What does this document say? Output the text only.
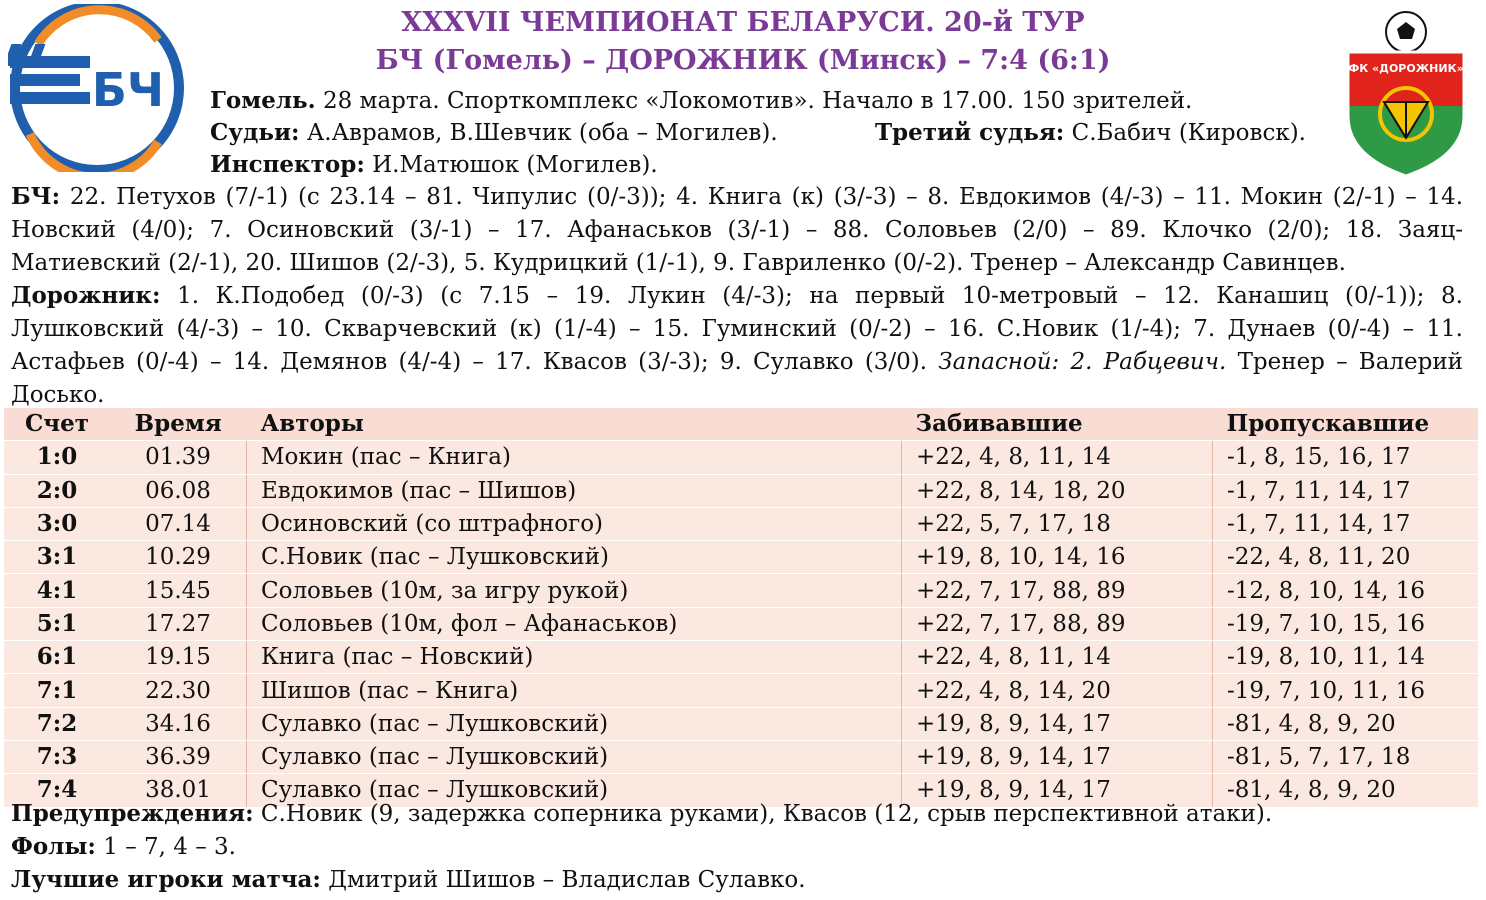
БЧ	ФК «ДОРОЖНИК»
XXXVII ЧЕМПИОНАТ БЕЛАРУСИ. 20-й ТУР
БЧ (Гомель) – ДОРОЖНИК (Минск) – 7:4 (6:1)
Гомель. 28 марта. Спорткомплекс «Локомотив». Начало в 17.00. 150 зрителей.
Судьи: А.Аврамов, В.Шевчик (оба – Могилев).	Третий судья: С.Бабич (Кировск).
Инспектор: И.Матюшок (Могилев).
БЧ: 22. Петухов (7/-1) (с 23.14 – 81. Чипулис (0/-3)); 4. Книга (к) (3/-3) – 8. Евдокимов (4/-3) – 11. Мокин (2/-1) – 14. Новский (4/0); 7. Осиновский (3/-1) – 17. Афанаськов (3/-1) – 88. Соловьев (2/0) – 89. Клочко (2/0); 18. Заяц-Матиевский (2/-1), 20. Шишов (2/-3), 5. Кудрицкий (1/-1), 9. Гавриленко (0/-2). Тренер – Александр Савинцев.
Дорожник: 1. К.Подобед (0/-3) (с 7.15 – 19. Лукин (4/-3); на первый 10-метровый – 12. Канашиц (0/-1)); 8. Лушковский (4/-3) – 10. Скварчевский (к) (1/-4) – 15. Гуминский (0/-2) – 16. С.Новик (1/-4); 7. Дунаев (0/-4) – 11. Астафьев (0/-4) – 14. Демянов (4/-4) – 17. Квасов (3/-3); 9. Сулавко (3/0). Запасной: 2. Рабцевич. Тренер – Валерий Досько.
Счет	Время	Авторы	Забивавшие	Пропускавшие
1:0	01.39	Мокин (пас – Книга)	+22, 4, 8, 11, 14	-1, 8, 15, 16, 17
2:0	06.08	Евдокимов (пас – Шишов)	+22, 8, 14, 18, 20	-1, 7, 11, 14, 17
3:0	07.14	Осиновский (со штрафного)	+22, 5, 7, 17, 18	-1, 7, 11, 14, 17
3:1	10.29	С.Новик (пас – Лушковский)	+19, 8, 10, 14, 16	-22, 4, 8, 11, 20
4:1	15.45	Соловьев (10м, за игру рукой)	+22, 7, 17, 88, 89	-12, 8, 10, 14, 16
5:1	17.27	Соловьев (10м, фол – Афанаськов)	+22, 7, 17, 88, 89	-19, 7, 10, 15, 16
6:1	19.15	Книга (пас – Новский)	+22, 4, 8, 11, 14	-19, 8, 10, 11, 14
7:1	22.30	Шишов (пас – Книга)	+22, 4, 8, 14, 20	-19, 7, 10, 11, 16
7:2	34.16	Сулавко (пас – Лушковский)	+19, 8, 9, 14, 17	-81, 4, 8, 9, 20
7:3	36.39	Сулавко (пас – Лушковский)	+19, 8, 9, 14, 17	-81, 5, 7, 17, 18
7:4	38.01	Сулавко (пас – Лушковский)	+19, 8, 9, 14, 17	-81, 4, 8, 9, 20
Предупреждения: С.Новик (9, задержка соперника руками), Квасов (12, срыв перспективной атаки).
Фолы: 1 – 7, 4 – 3.
Лучшие игроки матча: Дмитрий Шишов – Владислав Сулавко.
